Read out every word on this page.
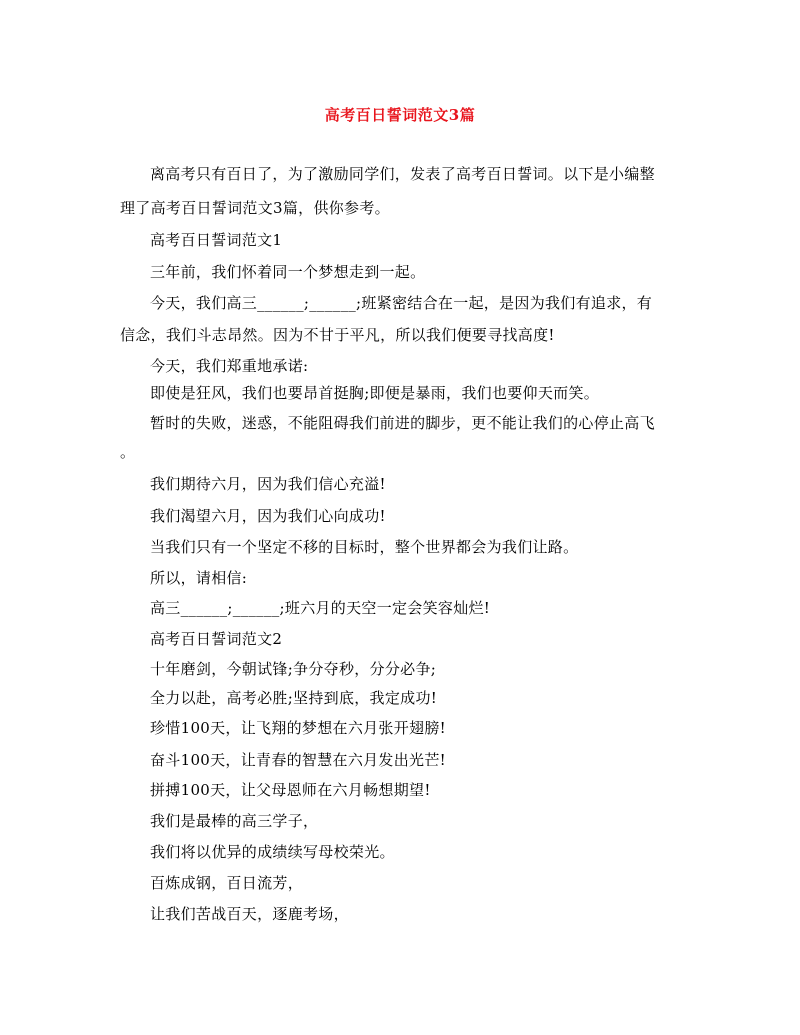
高考百日誓词范文3篇
离高考只有百日了，为了激励同学们，发表了高考百日誓词。以下是小编整
理了高考百日誓词范文3篇，供你参考。
高考百日誓词范文1
三年前，我们怀着同一个梦想走到一起。
今天，我们高三______;______;班紧密结合在一起，是因为我们有追求，有
信念，我们斗志昂然。因为不甘于平凡，所以我们便要寻找高度!
今天，我们郑重地承诺:
即使是狂风，我们也要昂首挺胸;即便是暴雨，我们也要仰天而笑。
暂时的失败，迷惑，不能阻碍我们前进的脚步，更不能让我们的心停止高飞
。
我们期待六月，因为我们信心充溢!
我们渴望六月，因为我们心向成功!
当我们只有一个坚定不移的目标时，整个世界都会为我们让路。
所以，请相信:
高三______;______;班六月的天空一定会笑容灿烂!
高考百日誓词范文2
十年磨剑，今朝试锋;争分夺秒，分分必争;
全力以赴，高考必胜;坚持到底，我定成功!
珍惜100天，让飞翔的梦想在六月张开翅膀!
奋斗100天，让青春的智慧在六月发出光芒!
拼搏100天，让父母恩师在六月畅想期望!
我们是最棒的高三学子，
我们将以优异的成绩续写母校荣光。
百炼成钢，百日流芳，
让我们苦战百天，逐鹿考场，
